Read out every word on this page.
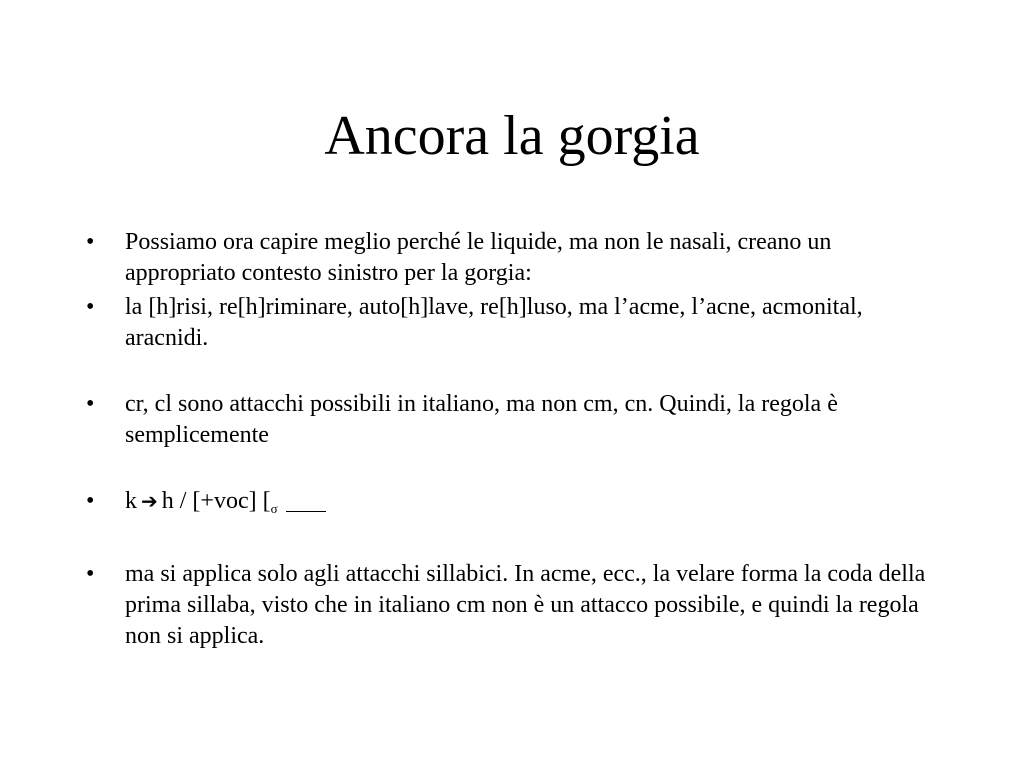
Ancora la gorgia
•	Possiamo ora capire meglio perché le liquide, ma non le nasali, creano un appropriato contesto sinistro per la gorgia:
•	la [h]risi, re[h]riminare, auto[h]lave, re[h]luso, ma l’acme, l’acne, acmonital, aracnidi.
•	cr, cl sono attacchi possibili in italiano, ma non cm, cn. Quindi, la regola è semplicemente
•	k ➔ h / [+voc] [$_\sigma$
•	ma si applica solo agli attacchi sillabici. In acme, ecc., la velare forma la coda della prima sillaba, visto che in italiano cm non è un attacco possibile, e quindi la regola non si applica.
